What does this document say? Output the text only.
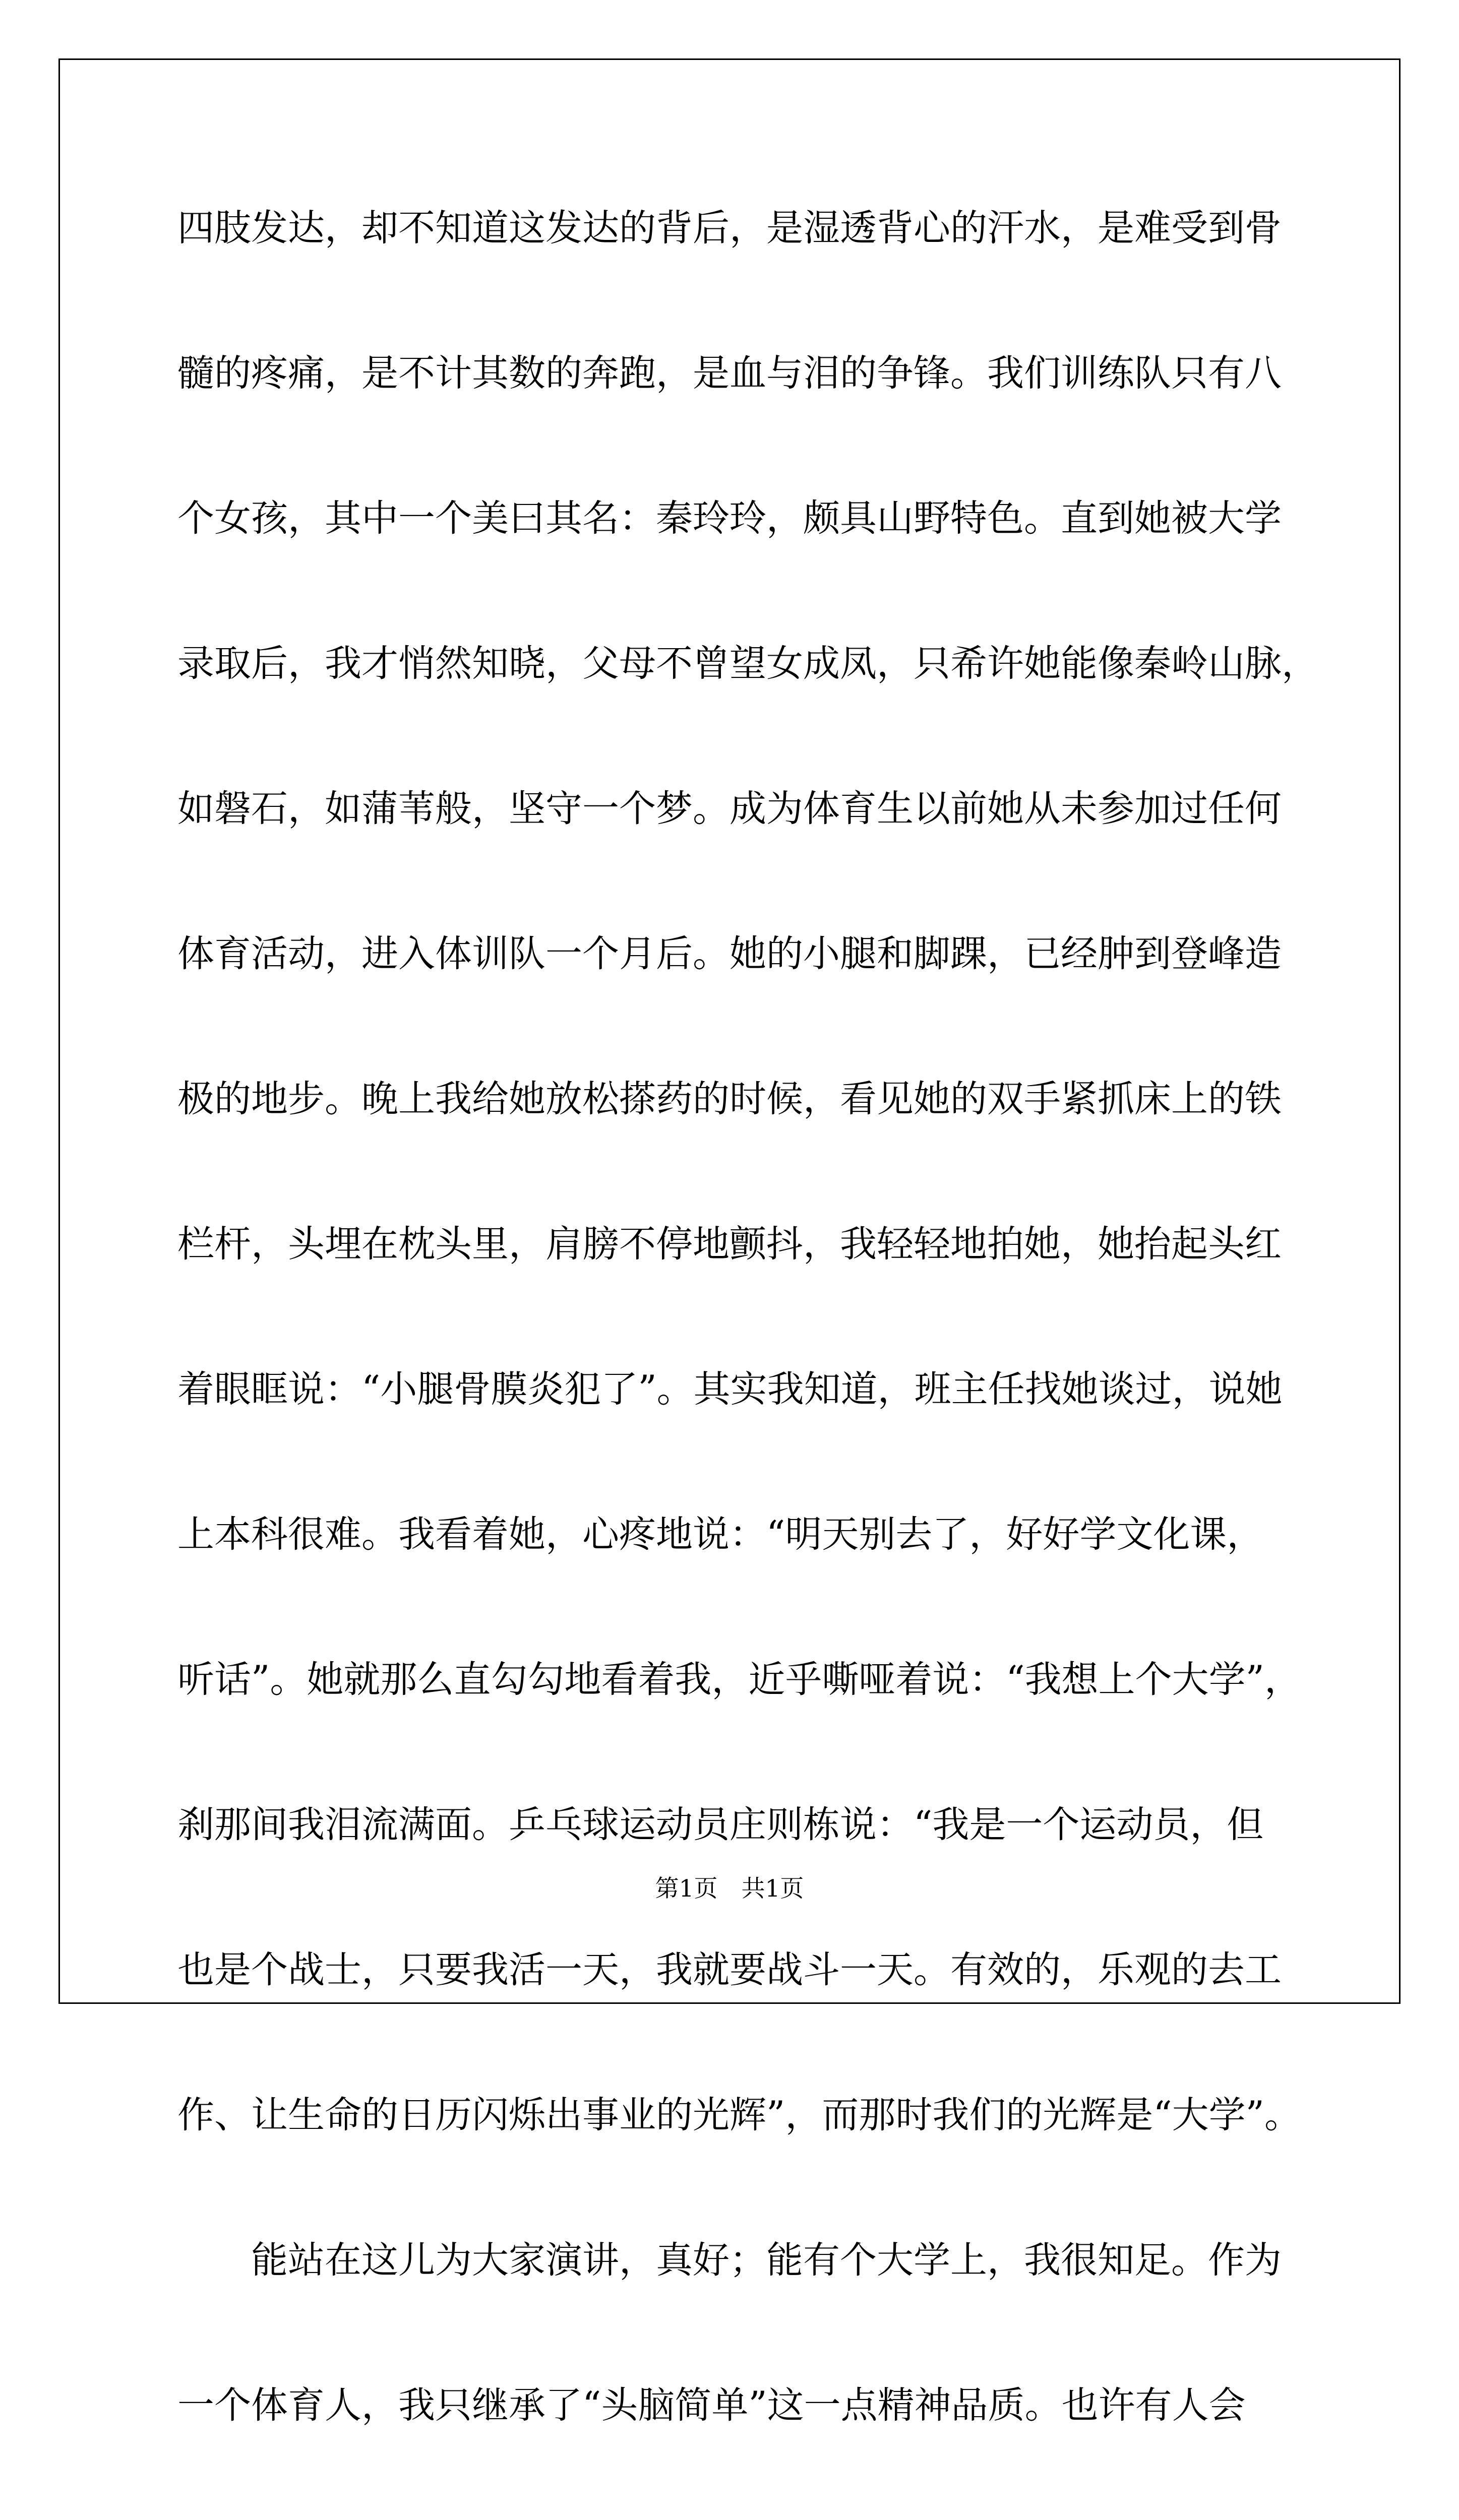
四肢发达，却不知道这发达的背后，是湿透背心的汗水，是难受到骨
髓的疼痛，是不计其数的奔跑，是血与泪的争锋。我们训练队只有八
个女孩，其中一个美曰其名：秦玲玲，颇具山野特色。直到她被大学
录取后，我才悄然知晓，父母不曾望女成凤，只希许她能像秦岭山脉，
如磐石，如蒲苇般，坚守一个梦。成为体育生以前她从未参加过任何
体育活动，进入体训队一个月后。她的小腿和脚踝，已经肿到登峰造
极的地步。晚上我给她放松搽药的时候，看见她的双手紧抓床上的铁
栏杆，头埋在枕头里，肩膀不停地颤抖，我轻轻地拍她，她抬起头红
着眼眶说：“小腿骨膜炎犯了”。其实我知道，班主任找她谈过，说她
上本科很难。我看着她，心疼地说：“明天别去了，好好学文化课，
听话”。她就那么直勾勾地看着我，近乎嘶哑着说：“我想上个大学”，
刹那间我泪流满面。乒乓球运动员庄则栋说：“我是一个运动员，但
也是个战士，只要我活一天，我就要战斗一天。有效的，乐观的去工
作、让生命的日历闪烁出事业的光辉”，而那时我们的光辉是“大学”。
　　能站在这儿为大家演讲，真好；能有个大学上，我很知足。作为
一个体育人，我只继承了“头脑简单”这一点精神品质。也许有人会
第1页　共1页
